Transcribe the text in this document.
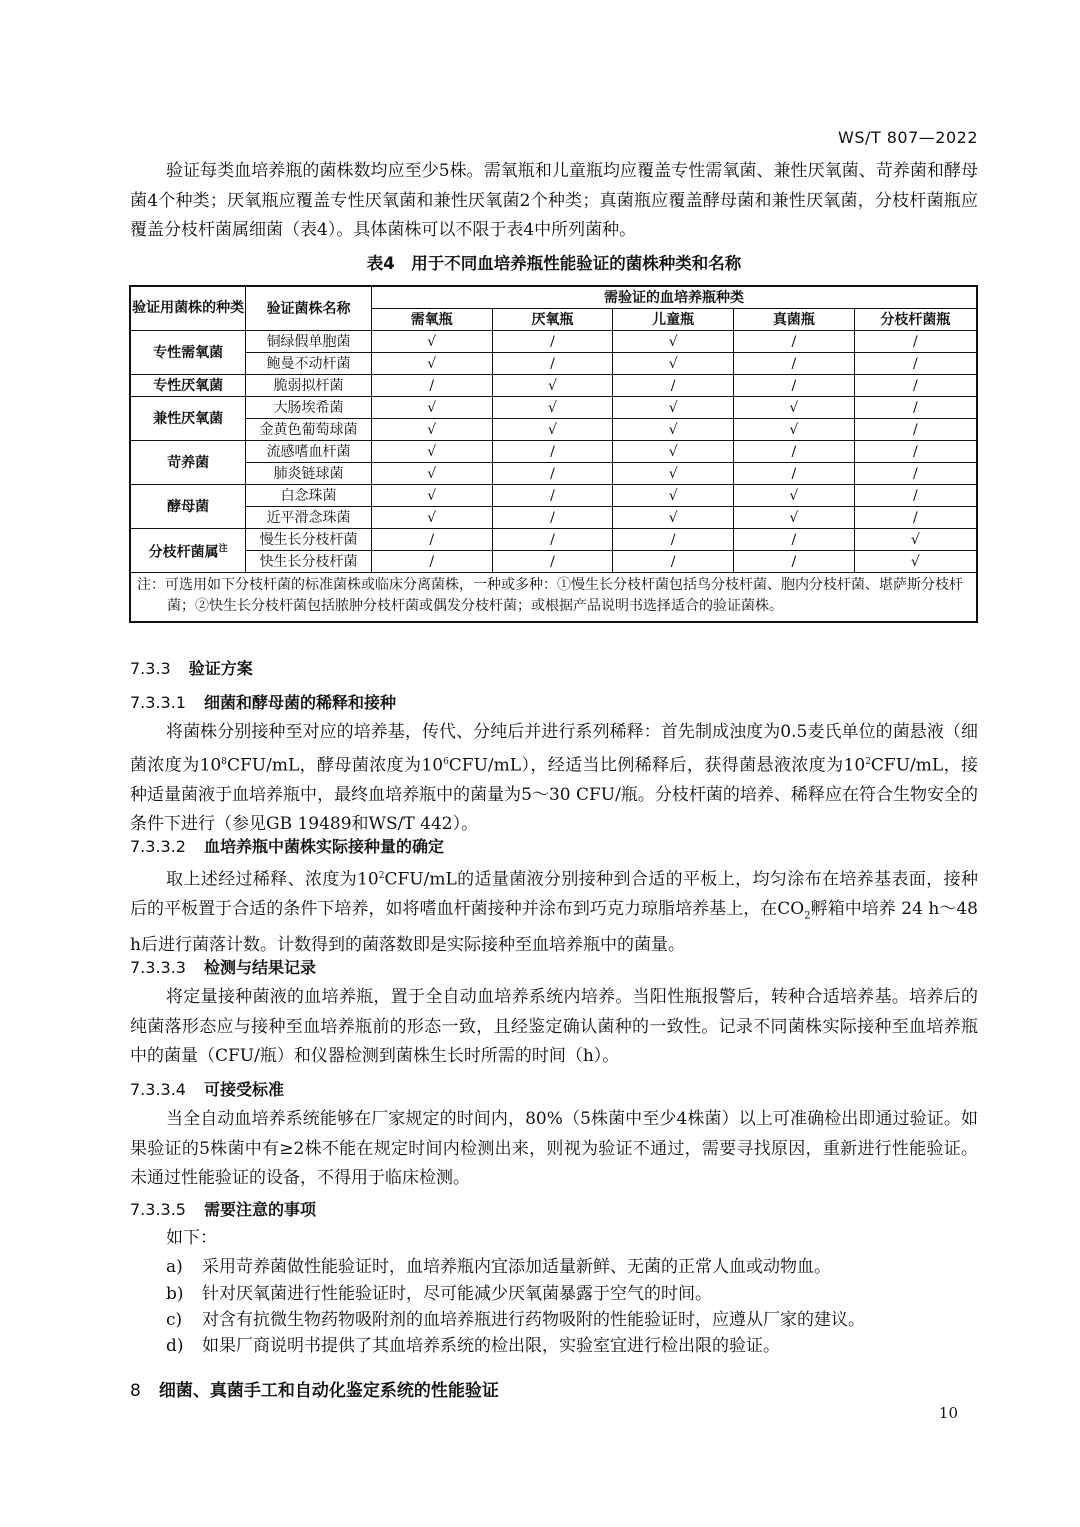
WS/T 807—2022
验证每类血培养瓶的菌株数均应至少5株。需氧瓶和儿童瓶均应覆盖专性需氧菌、兼性厌氧菌、苛养菌和酵母菌4个种类；厌氧瓶应覆盖专性厌氧菌和兼性厌氧菌2个种类；真菌瓶应覆盖酵母菌和兼性厌氧菌，分枝杆菌瓶应覆盖分枝杆菌属细菌（表4）。具体菌株可以不限于表4中所列菌种。
表4　用于不同血培养瓶性能验证的菌株种类和名称
验证用菌株的种类	验证菌株名称	需验证的血培养瓶种类				
		需氧瓶	厌氧瓶	儿童瓶	真菌瓶	分枝杆菌瓶
专性需氧菌	铜绿假单胞菌	√	/	√	/	/
	鲍曼不动杆菌	√	/	√	/	/
专性厌氧菌	脆弱拟杆菌	/	√	/	/	/
兼性厌氧菌	大肠埃希菌	√	√	√	√	/
	金黄色葡萄球菌	√	√	√	√	/
苛养菌	流感嗜血杆菌	√	/	√	/	/
	肺炎链球菌	√	/	√	/	/
酵母菌	白念珠菌	√	/	√	√	/
	近平滑念珠菌	√	/	√	√	/
分枝杆菌属$^注$	慢生长分枝杆菌	/	/	/	/	√
	快生长分枝杆菌	/	/	/	/	√
注：可选用如下分枝杆菌的标准菌株或临床分离菌株，一种或多种：①慢生长分枝杆菌包括鸟分枝杆菌、胞内分枝杆菌、堪萨斯分枝杆菌；②快生长分枝杆菌包括脓肿分枝杆菌或偶发分枝杆菌；或根据产品说明书选择适合的验证菌株。						
7.3.3 验证方案
7.3.3.1 细菌和酵母菌的稀释和接种
将菌株分别接种至对应的培养基，传代、分纯后并进行系列稀释：首先制成浊度为0.5麦氏单位的菌悬液（细菌浓度为$10^8CFU/mL$，酵母菌浓度为$10^6CFU/mL$），经适当比例稀释后，获得菌悬液浓度为$10^2CFU/mL$，接种适量菌液于血培养瓶中，最终血培养瓶中的菌量为5～30 CFU/瓶。分枝杆菌的培养、稀释应在符合生物安全的条件下进行（参见GB 19489和WS/T 442）。
7.3.3.2 血培养瓶中菌株实际接种量的确定
取上述经过稀释、浓度为$10^2CFU/mL$的适量菌液分别接种到合适的平板上，均匀涂布在培养基表面，接种后的平板置于合适的条件下培养，如将嗜血杆菌接种并涂布到巧克力琼脂培养基上，在$CO_2$孵箱中培养 24 h～48 h后进行菌落计数。计数得到的菌落数即是实际接种至血培养瓶中的菌量。
7.3.3.3 检测与结果记录
将定量接种菌液的血培养瓶，置于全自动血培养系统内培养。当阳性瓶报警后，转种合适培养基。培养后的纯菌落形态应与接种至血培养瓶前的形态一致，且经鉴定确认菌种的一致性。记录不同菌株实际接种至血培养瓶中的菌量（CFU/瓶）和仪器检测到菌株生长时所需的时间（h）。
7.3.3.4 可接受标准
当全自动血培养系统能够在厂家规定的时间内，80%（5株菌中至少4株菌）以上可准确检出即通过验证。如果验证的5株菌中有≥2株不能在规定时间内检测出来，则视为验证不通过，需要寻找原因，重新进行性能验证。未通过性能验证的设备，不得用于临床检测。
7.3.3.5 需要注意的事项
如下：
a) 采用苛养菌做性能验证时，血培养瓶内宜添加适量新鲜、无菌的正常人血或动物血。
b) 针对厌氧菌进行性能验证时，尽可能减少厌氧菌暴露于空气的时间。
c) 对含有抗微生物药物吸附剂的血培养瓶进行药物吸附的性能验证时，应遵从厂家的建议。
d) 如果厂商说明书提供了其血培养系统的检出限，实验室宜进行检出限的验证。
8 细菌、真菌手工和自动化鉴定系统的性能验证
10
